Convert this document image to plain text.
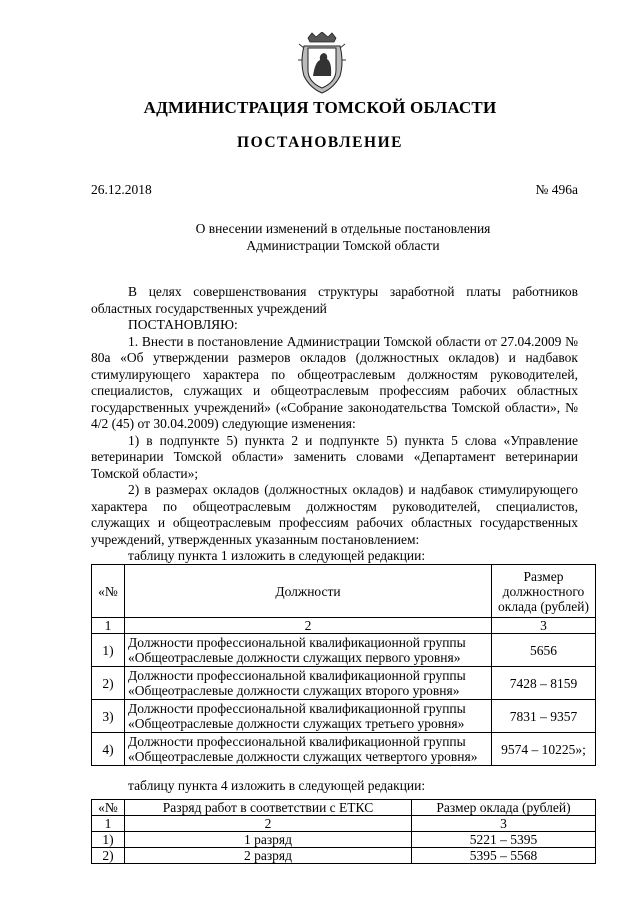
АДМИНИСТРАЦИЯ ТОМСКОЙ ОБЛАСТИ
ПОСТАНОВЛЕНИЕ
26.12.2018	№ 496а
О внесении изменений в отдельные постановления
Администрации Томской области

В целях совершенствования структуры заработной платы работников областных государственных учреждений

ПОСТАНОВЛЯЮ:

1. Внести в постановление Администрации Томской области от 27.04.2009 № 80а «Об утверждении размеров окладов (должностных окладов) и надбавок стимулирующего характера по общеотраслевым должностям руководителей, специалистов, служащих и общеотраслевым профессиям рабочих областных государственных учреждений» («Собрание законодательства Томской области», № 4/2 (45) от 30.04.2009) следующие изменения:

1) в подпункте 5) пункта 2 и подпункте 5) пункта 5 слова «Управление ветеринарии Томской области» заменить словами «Департамент ветеринарии Томской области»;

2) в размерах окладов (должностных окладов) и надбавок стимулирующего характера по общеотраслевым должностям руководителей, специалистов, служащих и общеотраслевым профессиям рабочих областных государственных учреждений, утвержденных указанным постановлением:

таблицу пункта 1 изложить в следующей редакции:

«№	Должности	Размер должностного оклада (рублей)
1	2	3
1)	Должности профессиональной квалификационной группы «Общеотраслевые должности служащих первого уровня»	5656
2)	Должности профессиональной квалификационной группы «Общеотраслевые должности служащих второго уровня»	7428 – 8159
3)	Должности профессиональной квалификационной группы «Общеотраслевые должности служащих третьего уровня»	7831 – 9357
4)	Должности профессиональной квалификационной группы «Общеотраслевые должности служащих четвертого уровня»	9574 – 10225»;
таблицу пункта 4 изложить в следующей редакции:
«№	Разряд работ в соответствии с ЕТКС	Размер оклада (рублей)
1	2	3
1)	1 разряд	5221 – 5395
2)	2 разряд	5395 – 5568
